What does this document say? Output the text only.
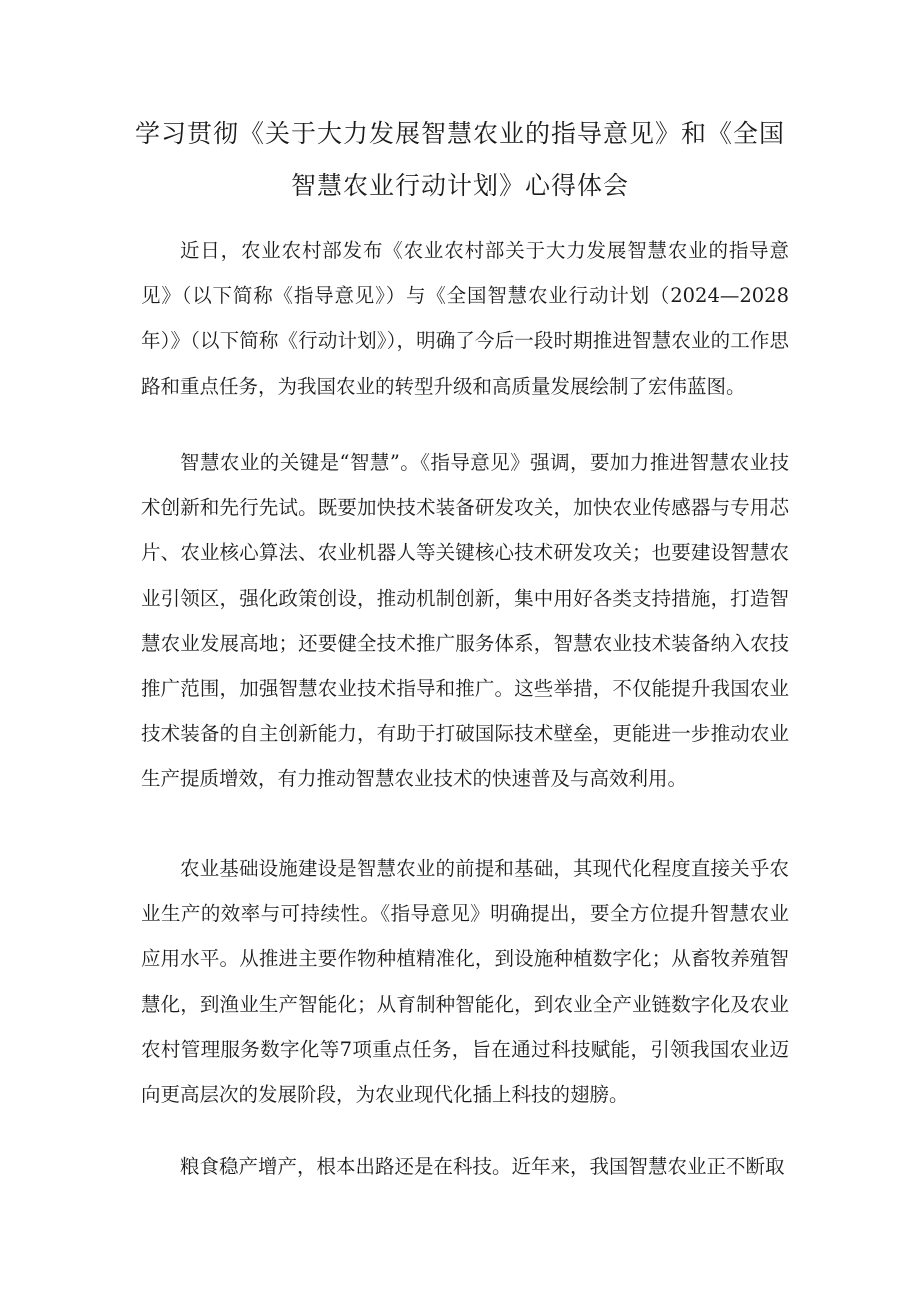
学习贯彻《关于大力发展智慧农业的指导意见》和《全国
智慧农业行动计划》心得体会

近日，农业农村部发布《农业农村部关于大力发展智慧农业的指导意见》（以下简称《指导意见》）与《全国智慧农业行动计划（2024—2028年）》（以下简称《行动计划》），明确了今后一段时期推进智慧农业的工作思路和重点任务，为我国农业的转型升级和高质量发展绘制了宏伟蓝图。

智慧农业的关键是“智慧”。《指导意见》强调，要加力推进智慧农业技术创新和先行先试。既要加快技术装备研发攻关，加快农业传感器与专用芯片、农业核心算法、农业机器人等关键核心技术研发攻关；也要建设智慧农业引领区，强化政策创设，推动机制创新，集中用好各类支持措施，打造智慧农业发展高地；还要健全技术推广服务体系，智慧农业技术装备纳入农技推广范围，加强智慧农业技术指导和推广。这些举措，不仅能提升我国农业技术装备的自主创新能力，有助于打破国际技术壁垒，更能进一步推动农业生产提质增效，有力推动智慧农业技术的快速普及与高效利用。

农业基础设施建设是智慧农业的前提和基础，其现代化程度直接关乎农业生产的效率与可持续性。《指导意见》明确提出，要全方位提升智慧农业应用水平。从推进主要作物种植精准化，到设施种植数字化；从畜牧养殖智慧化，到渔业生产智能化；从育制种智能化，到农业全产业链数字化及农业农村管理服务数字化等7项重点任务，旨在通过科技赋能，引领我国农业迈向更高层次的发展阶段，为农业现代化插上科技的翅膀。

粮食稳产增产，根本出路还是在科技。近年来，我国智慧农业正不断取
